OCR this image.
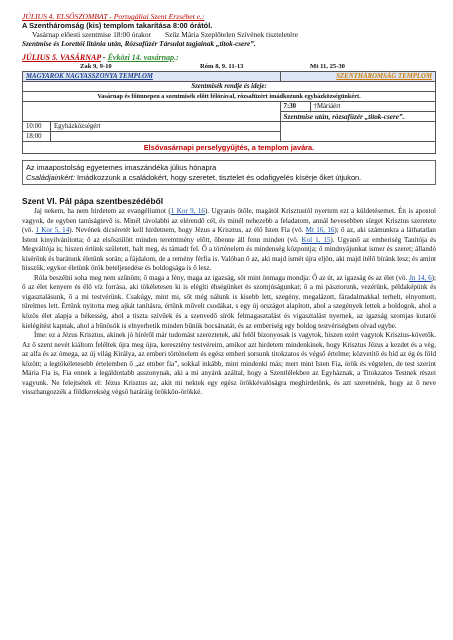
JÚLIUS 4. ELSŐSZOMBAT - Portugáliai Szent Erzsébet e.:
A Szentháromság (kis) templom takarítása 8:00 órától.
Vasárnap előesti szentmise 18:00 órakor Szűz Mária Szeplőtelen Szívének tiszteletére
Szentmise és Lorettói litánia után, Rózsafüzér Társulat tagjainak „titok-csere”.
JÚLIUS 5. VASÁRNAP - Évközi 14. vasárnap.:
Zak 9, 9-10	Róm 8, 9. 11-13	Mt 11, 25-30
MAGYAROK NAGYASSZONYA TEMPLOM		SZENTHÁROMSÁG TEMPLOM	
Szentmisék rendje és ideje:			
Vasárnap és főünnepen a szentmisék előtt félórával, rózsafüzért imádkozunk egyházközségünkért.			
		7:30	†Máriáért
		Szentmise után, rózsafüzér „titok-csere”.	
10:00	Egyházközségért		
18:00			
Elsővasárnapi perselygyűjtés, a templom javára.			
Az imaapostolság egyetemes imaszándéka július hónapra
Családjainkért: Imádkozzunk a családokért, hogy szeretet, tisztelet és odafigyelés kísérje őket útjukon.
Szent VI. Pál pápa szentbeszédéből

Jaj nekem, ha nem hirdetem az evangéliumot (1 Kor 9, 16). Ugyanis őtőle, magától Krisztustól nyertem ezt a küldetésemet. Én is apostol vagyok, de egyben tanúságtevő is. Minél távolabbi az elérendő cél, és minél nehezebb a feladatom, annál hevesebben sürget Krisztus szeretete (vö. 1 Kor 5, 14). Nevének dicséretét kell hirdetnem, hogy Jézus a Krisztus, az élő Isten Fia (vö. Mt 16, 16); ő az, aki számunkra a láthatatlan Istent kinyilvánította; ő az elsőszülött minden teremtmény előtt, őbenne áll fenn minden (vö. Kol 1, 15). Ugyanő az emberiség Tanítója és Megváltója is; hiszen értünk született, halt meg, és támadt fel. Ő a történelem és mindenség központja; ő mindnyájunkat ismer és szeret; állandó kísérőnk és barátunk életünk során; a fájdalom, de a remény férfia is. Valóban ő az, aki majd ismét újra eljön, aki majd ítélő bíránk lesz; és amint hisszük, egykor életünk örök beteljesedése és boldogsága is ő lesz.

Róla beszélni soha meg nem szűnöm; ő maga a fény, maga az igazság, sőt mint önmaga mondja: Ő az út, az igazság és az élet (vö. Jn 14, 6); ő az élet kenyere és élő víz forrása, aki tökéletesen ki is elégíti éhségünket és szomjúságunkat; ő a mi pásztorunk, vezérünk, példaképünk és vigasztalásunk, ő a mi testvérünk. Csakúgy, mint mi, sőt még nálunk is kisebb lett, szegény, megalázott, fáradalmakkal terhelt, elnyomott, türelmes lett. Értünk nyitotta meg ajkát tanításra, értünk művelt csodákat, s egy új országot alapított, ahol a szegények lettek a boldogok, ahol a közös élet alapja a békesség, ahol a tiszta szívűek és a szenvedő sírók felmagasztalást és vigasztalást nyernek, az igazság szomjas kutatói kielégítést kapnak, ahol a bűnösök is elnyerhetik minden bűnük bocsánatát, és az emberiség egy boldog testvériségben olvad egybe.

Íme: ez a Jézus Krisztus, akinek jó híréről már tudomást szereztetek, akí felől bizonyosak is vagytok, hiszen ezért vagytok Krisztus-követők. Az ő szent nevét kiáltom feléltek újra meg újra, keresztény testvéreim, amikor azt hirdetem mindenkinek, hogy Krisztus Jézus a kezdet és a vég, az alfa és az ómega, az új világ Királya, az emberi történelem és egész emberi sorsunk titokzatos és végső értelme; közvetítő és híd az ég és föld között; a legtökéletesebb értelemben ő „az ember fia”, sokkal inkább, mint mindenki más; mert mint Isten Fia, örök és végtelen, de test szerint Mária Fia is, Fia ennek a legáldottabb asszonynak, aki a mi anyánk azáltal, hogy a Szentlélekben az Egyháznak, a Titokzatos Testnek részei vagyunk. Ne felejtsétek el: Jézus Krisztus az, akit mi nektek egy egész örökkévalóságra meghirdetünk, és azt szeretnénk, hogy az ő neve visszhangozzék a földkerekség végső határáig örökkön-örökké.
